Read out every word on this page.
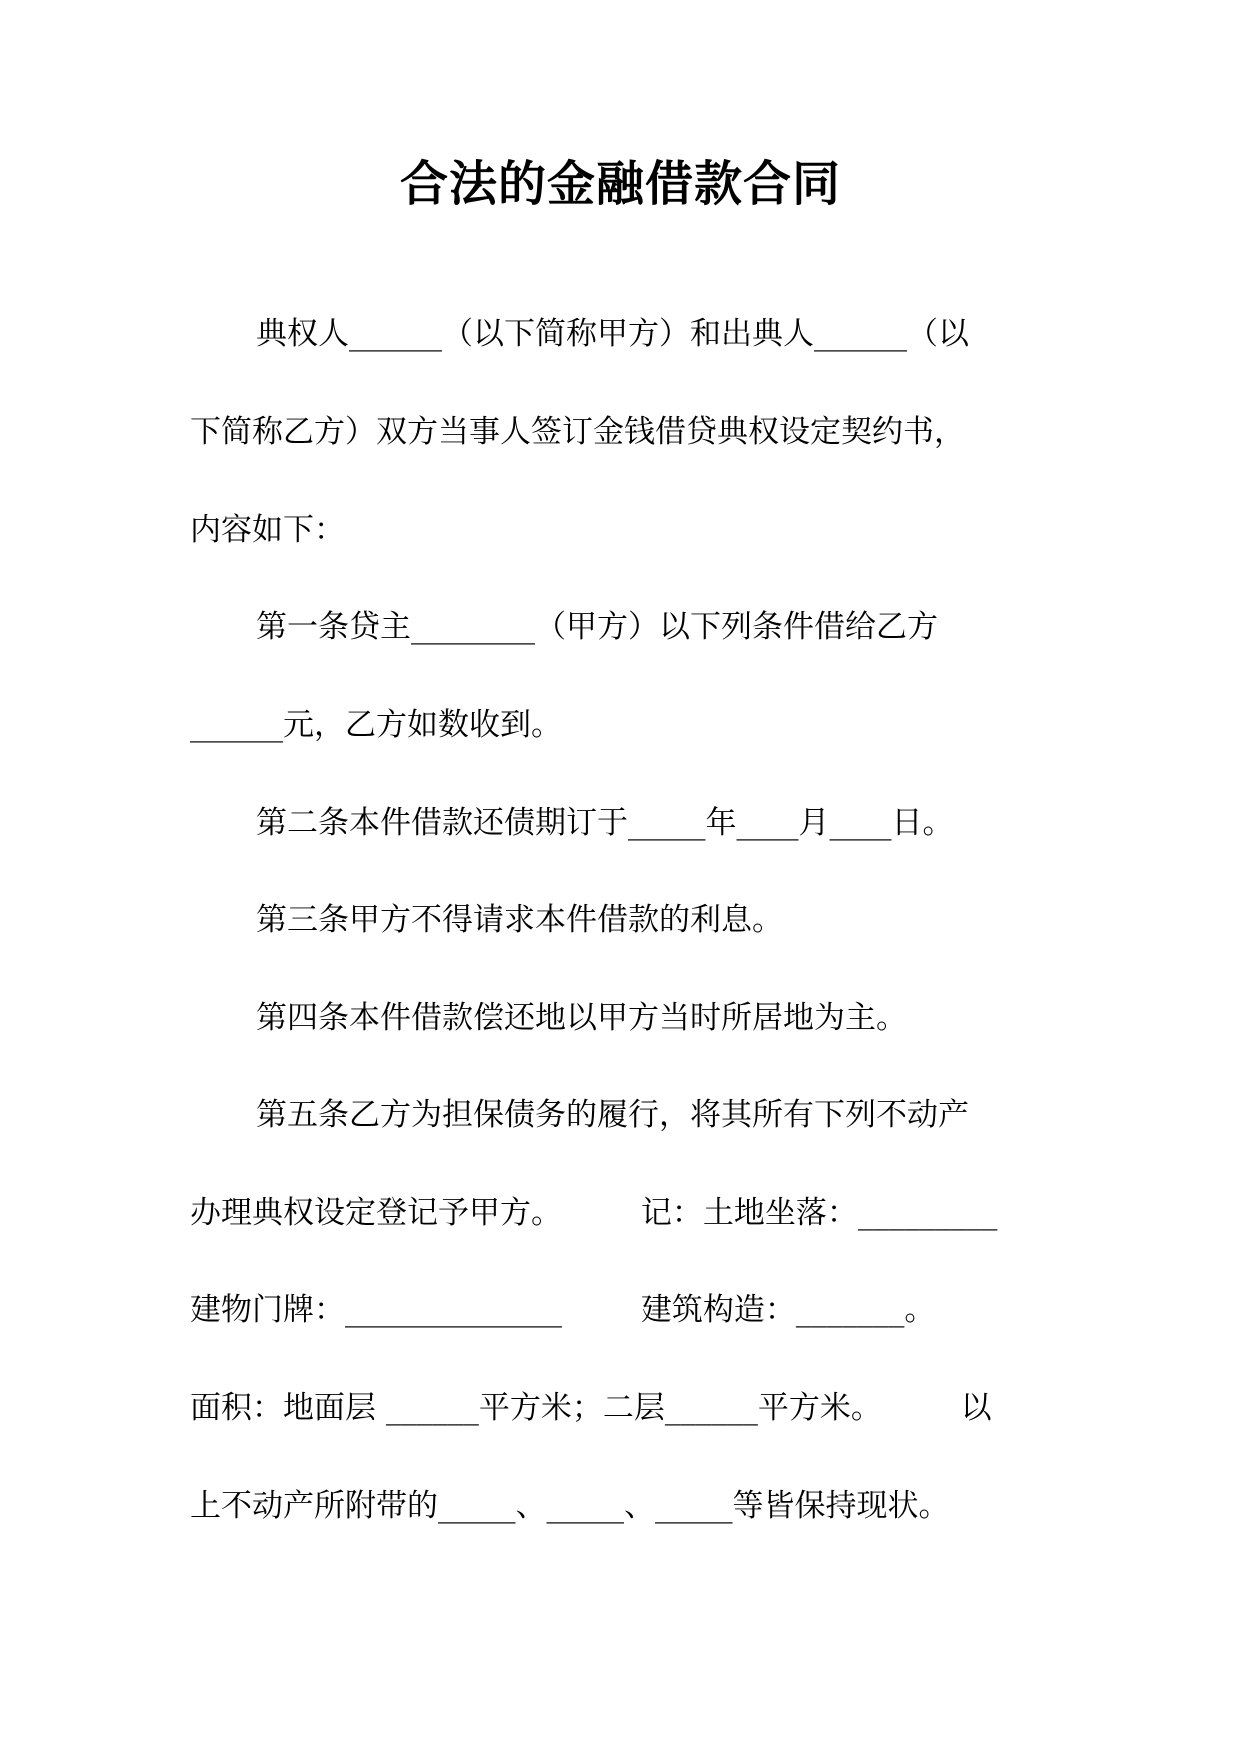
合法的金融借款合同
典权人______（以下简称甲方）和出典人______（以
下简称乙方）双方当事人签订金钱借贷典权设定契约书，
内容如下：
第一条贷主________（甲方）以下列条件借给乙方
______元，乙方如数收到。
第二条本件借款还债期订于_____年____月____日。
第三条甲方不得请求本件借款的利息。
第四条本件借款偿还地以甲方当时所居地为主。
第五条乙方为担保债务的履行，将其所有下列不动产
办理典权设定登记予甲方。        记：土地坐落：_________
建物门牌：______________        建筑构造：_______。
面积：地面层 ______平方米；二层______平方米。        以
上不动产所附带的_____、_____、_____等皆保持现状。
